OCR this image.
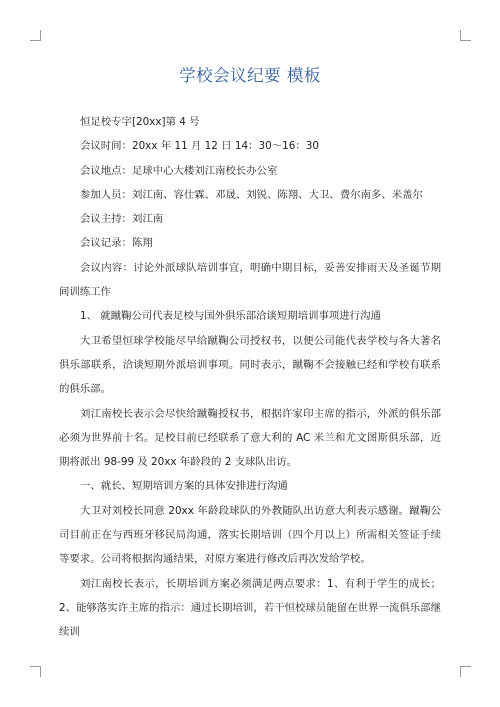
学校会议纪要 模板

恒足校专字[20xx]第 4 号

会议时间：20xx 年 11 月 12 日 14：30～16：30

会议地点：足球中心大楼刘江南校长办公室

参加人员：刘江南、容仕霖、邓晟、刘锐、陈翔、大卫、费尔南多、米盖尔

会议主持：刘江南

会议记录：陈翔

会议内容：讨论外派球队培训事宜，明确中期目标，妥善安排雨天及圣诞节期间训练工作

1、 就蹴鞠公司代表足校与国外俱乐部洽谈短期培训事项进行沟通

大卫希望恒球学校能尽早给蹴鞠公司授权书，以便公司能代表学校与各大著名俱乐部联系，洽谈短期外派培训事项。同时表示，蹴鞠不会接触已经和学校有联系的俱乐部。

刘江南校长表示会尽快给蹴鞠授权书，根据许家印主席的指示，外派的俱乐部必须为世界前十名。足校目前已经联系了意大利的 AC 米兰和尤文图斯俱乐部，近期将派出 98-99 及 20xx 年龄段的 2 支球队出访。

一、就长、短期培训方案的具体安排进行沟通

大卫对刘校长同意 20xx 年龄段球队的外教随队出访意大利表示感谢。蹴鞠公司目前正在与西班牙移民局沟通，落实长期培训（四个月以上）所需相关签证手续等要求。公司将根据沟通结果，对原方案进行修改后再次发给学校。

刘江南校长表示，长期培训方案必须满足两点要求：1、有利于学生的成长；2、能够落实许主席的指示：通过长期培训，若干恒校球员能留在世界一流俱乐部继续训
